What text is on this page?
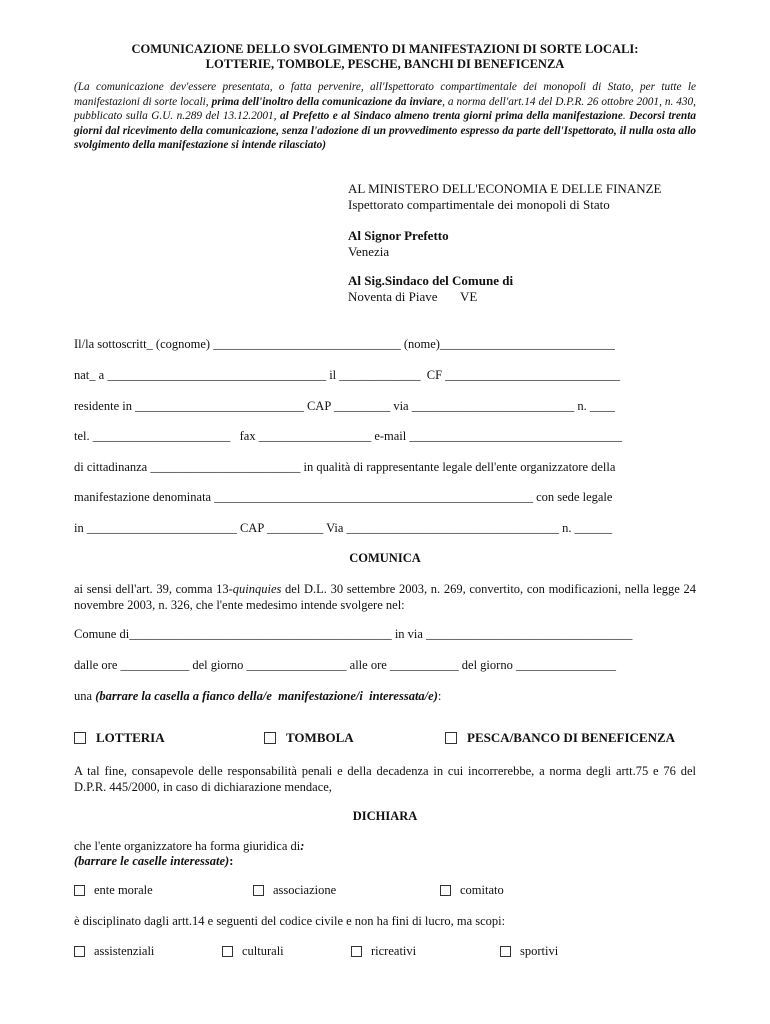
COMUNICAZIONE DELLO SVOLGIMENTO DI MANIFESTAZIONI DI SORTE LOCALI:
LOTTERIE, TOMBOLE, PESCHE, BANCHI DI BENEFICENZA
(La comunicazione dev'essere presentata, o fatta pervenire, all'Ispettorato compartimentale dei monopoli di Stato, per tutte le manifestazioni di sorte locali, prima dell'inoltro della comunicazione da inviare, a norma dell'art.14 del D.P.R. 26 ottobre 2001, n. 430, pubblicato sulla G.U. n.289 del 13.12.2001, al Prefetto e al Sindaco almeno trenta giorni prima della manifestazione. Decorsi trenta giorni dal ricevimento della comunicazione, senza l'adozione di un provvedimento espresso da parte dell'Ispettorato, il nulla osta allo svolgimento della manifestazione si intende rilasciato)
AL MINISTERO DELL'ECONOMIA E DELLE FINANZE
Ispettorato compartimentale dei monopoli di Stato
Al Signor Prefetto
Venezia
Al Sig.Sindaco del Comune di
Noventa di Piave       VE
Il/la sottoscritt_ (cognome) ______________________________ (nome)____________________________
nat_ a ___________________________________ il _____________  CF ____________________________
residente in ___________________________ CAP _________ via __________________________ n. ____
tel. ______________________   fax __________________ e-mail __________________________________
di cittadinanza ________________________ in qualità di rappresentante legale dell'ente organizzatore della
manifestazione denominata ___________________________________________________ con sede legale
in ________________________ CAP _________ Via __________________________________ n. ______
COMUNICA
ai sensi dell'art. 39, comma 13-quinquies del D.L. 30 settembre 2003, n. 269, convertito, con modificazioni, nella legge 24 novembre 2003, n. 326, che l'ente medesimo intende svolgere nel:
Comune di__________________________________________ in via _________________________________
dalle ore ___________ del giorno ________________ alle ore ___________ del giorno ________________
una (barrare la casella a fianco della/e  manifestazione/i  interessata/e):
LOTTERIA	TOMBOLA	PESCA/BANCO DI BENEFICENZA
A tal fine, consapevole delle responsabilità penali e della decadenza in cui incorrerebbe, a norma degli artt.75 e 76 del D.P.R. 445/2000, in caso di dichiarazione mendace,
DICHIARA
che l'ente organizzatore ha forma giuridica di:
(barrare le caselle interessate):
ente morale	associazione	comitato
è disciplinato dagli artt.14 e seguenti del codice civile e non ha fini di lucro, ma scopi:
assistenziali	culturali	ricreativi	sportivi
